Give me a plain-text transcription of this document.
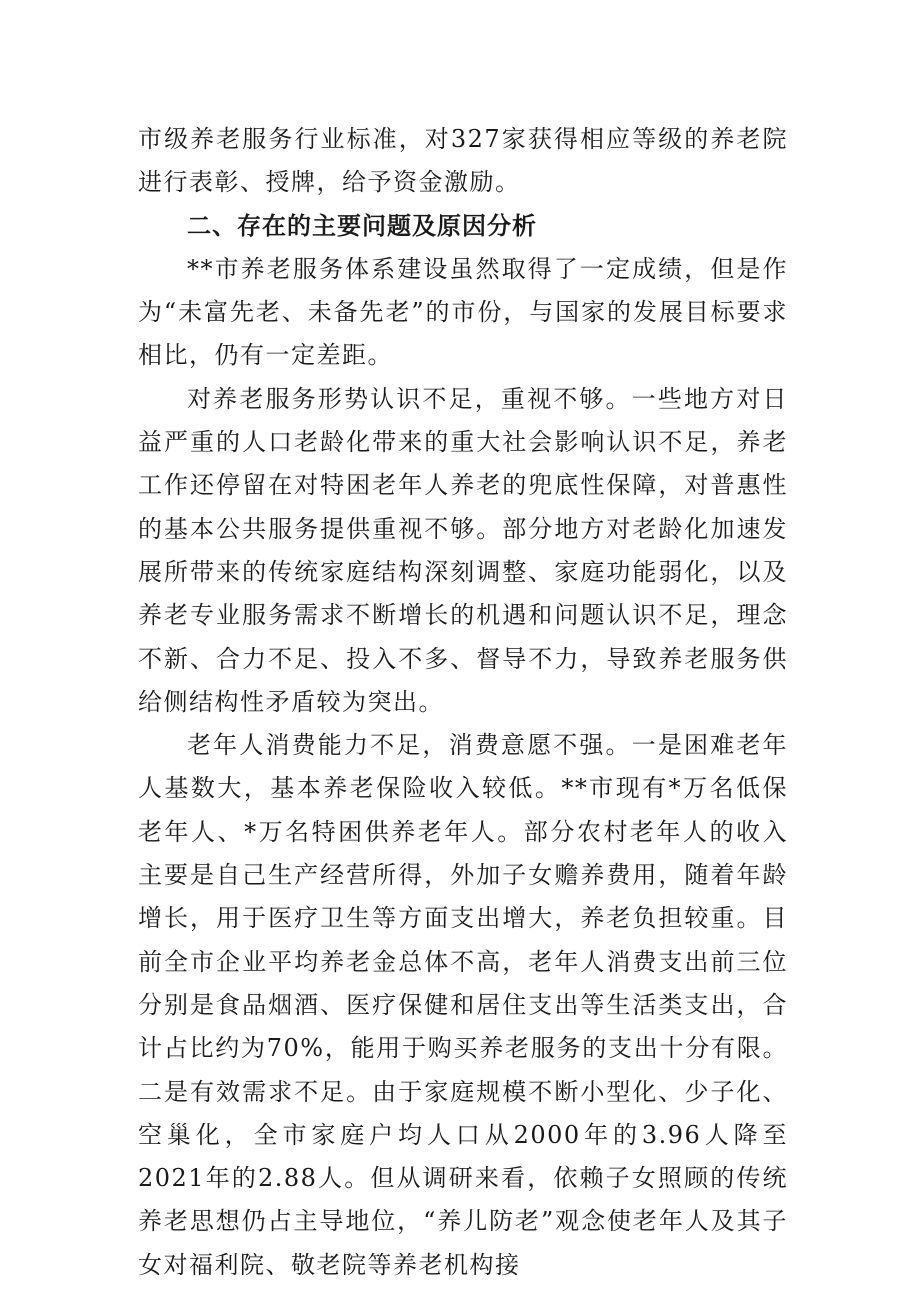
市级养老服务行业标准，对327家获得相应等级的养老院进行表彰、授牌，给予资金激励。

二、存在的主要问题及原因分析

**市养老服务体系建设虽然取得了一定成绩，但是作为“未富先老、未备先老”的市份，与国家的发展目标要求相比，仍有一定差距。

对养老服务形势认识不足，重视不够。一些地方对日益严重的人口老龄化带来的重大社会影响认识不足，养老工作还停留在对特困老年人养老的兜底性保障，对普惠性的基本公共服务提供重视不够。部分地方对老龄化加速发展所带来的传统家庭结构深刻调整、家庭功能弱化，以及养老专业服务需求不断增长的机遇和问题认识不足，理念不新、合力不足、投入不多、督导不力，导致养老服务供给侧结构性矛盾较为突出。

老年人消费能力不足，消费意愿不强。一是困难老年人基数大，基本养老保险收入较低。**市现有*万名低保老年人、*万名特困供养老年人。部分农村老年人的收入主要是自己生产经营所得，外加子女赡养费用，随着年龄增长，用于医疗卫生等方面支出增大，养老负担较重。目前全市企业平均养老金总体不高，老年人消费支出前三位分别是食品烟酒、医疗保健和居住支出等生活类支出，合计占比约为70%，能用于购买养老服务的支出十分有限。二是有效需求不足。由于家庭规模不断小型化、少子化、空巢化，全市家庭户均人口从2000年的3.96人降至2021年的2.88人。但从调研来看，依赖子女照顾的传统养老思想仍占主导地位，“养儿防老”观念使老年人及其子女对福利院、敬老院等养老机构接
